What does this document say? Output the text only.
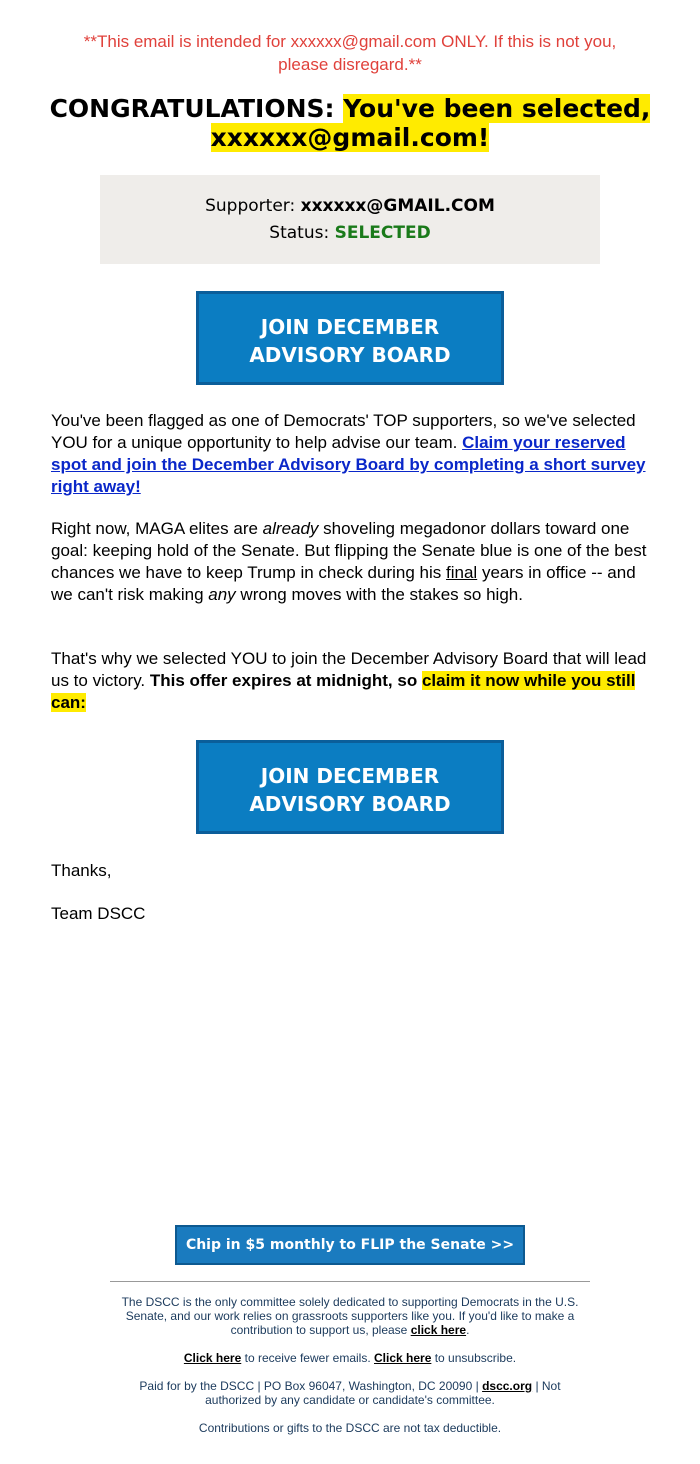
**This email is intended for xxxxxx@gmail.com ONLY. If this is not you, please disregard.**
CONGRATULATIONS: You've been selected,
xxxxxx@gmail.com!
Supporter: xxxxxx@GMAIL.COM
Status: SELECTED
JOIN DECEMBER
ADVISORY BOARD
You've been flagged as one of Democrats' TOP supporters, so we've selected YOU for a unique opportunity to help advise our team. Claim your reserved spot and join the December Advisory Board by completing a short survey right away!
Right now, MAGA elites are already shoveling megadonor dollars toward one goal: keeping hold of the Senate. But flipping the Senate blue is one of the best chances we have to keep Trump in check during his final years in office -- and we can't risk making any wrong moves with the stakes so high.
That's why we selected YOU to join the December Advisory Board that will lead us to victory. This offer expires at midnight, so claim it now while you still can:
JOIN DECEMBER
ADVISORY BOARD
Thanks,
Team DSCC
Chip in $5 monthly to FLIP the Senate >>
The DSCC is the only committee solely dedicated to supporting Democrats in the U.S. Senate, and our work relies on grassroots supporters like you. If you'd like to make a contribution to support us, please click here.
Click here to receive fewer emails. Click here to unsubscribe.
Paid for by the DSCC | PO Box 96047, Washington, DC 20090 | dscc.org | Not authorized by any candidate or candidate's committee.
Contributions or gifts to the DSCC are not tax deductible.
